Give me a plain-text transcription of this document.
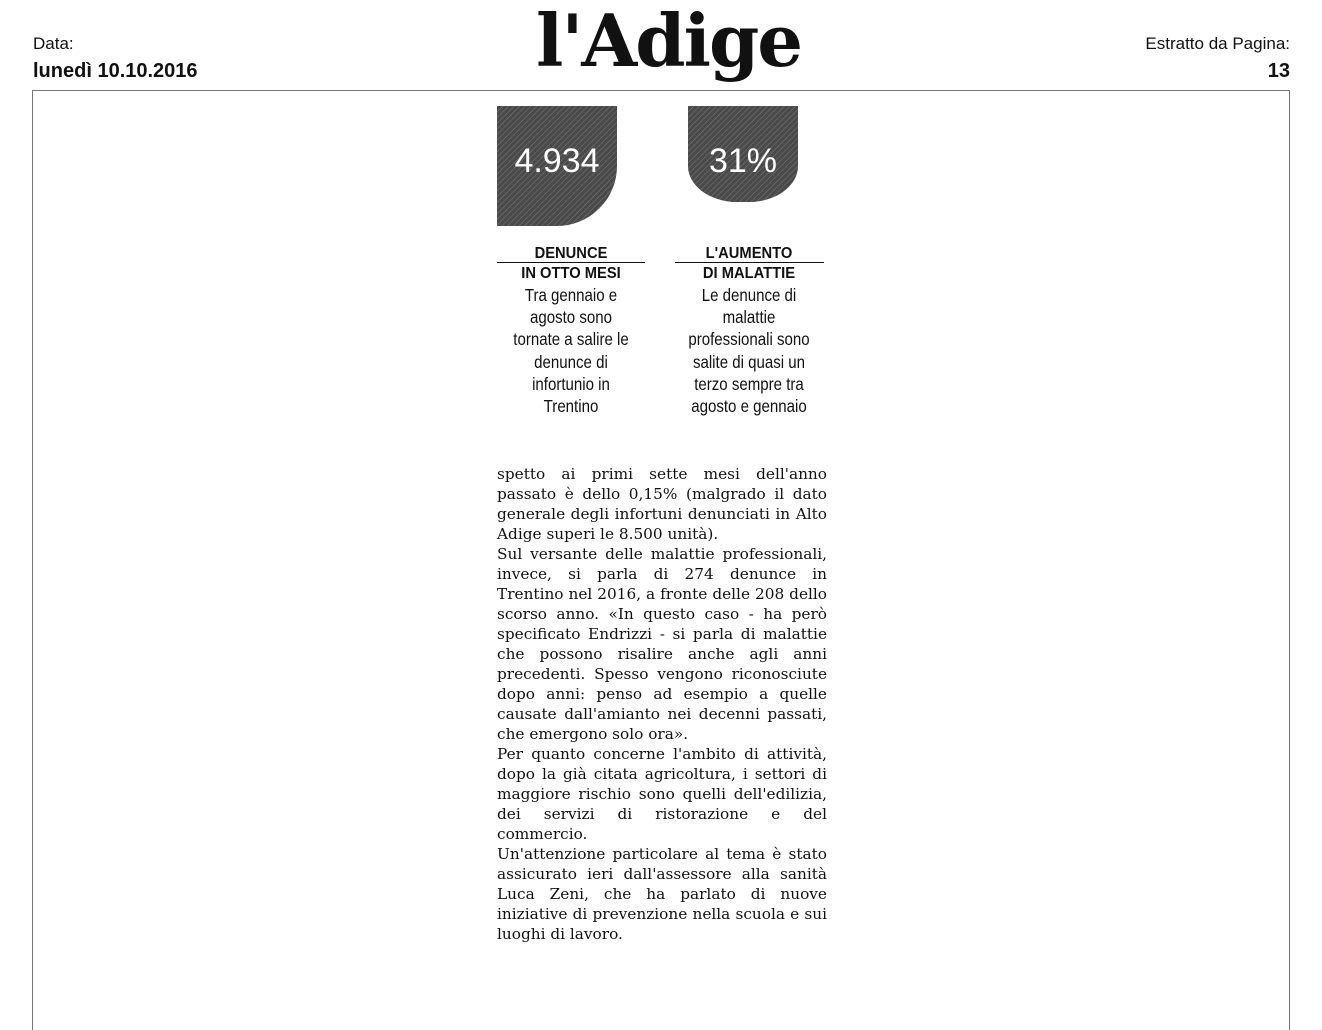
Data:
lunedì 10.10.2016	l'Adige	Estratto da Pagina:
13
4.934	31%
DENUNCE
IN OTTO MESI
Tra gennaio e agosto sono tornate a salire le denunce di infortunio in Trentino
L'AUMENTO
DI MALATTIE
Le denunce di malattie professionali sono salite di quasi un terzo sempre tra agosto e gennaio

spetto ai primi sette mesi dell'anno passato è dello 0,15% (malgrado il dato generale degli infortuni denunciati in Alto Adige superi le 8.500 unità).

Sul versante delle malattie professionali, invece, si parla di 274 denunce in Trentino nel 2016, a fronte delle 208 dello scorso anno. «In questo caso - ha però specificato Endrizzi - si parla di malattie che possono risalire anche agli anni precedenti. Spesso vengono riconosciute dopo anni: penso ad esempio a quelle causate dall'amianto nei decenni passati, che emergono solo ora».

Per quanto concerne l'ambito di attività, dopo la già citata agricoltura, i settori di maggiore rischio sono quelli dell'edilizia, dei servizi di ristorazione e del commercio.

Un'attenzione particolare al tema è stato assicurato ieri dall'assessore alla sanità Luca Zeni, che ha parlato di nuove iniziative di prevenzione nella scuola e sui luoghi di lavoro.
